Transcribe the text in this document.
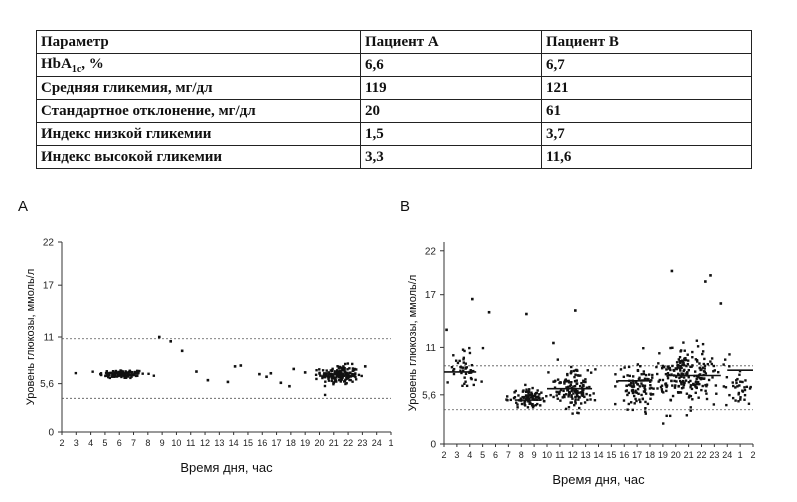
Параметр	Пациент А	Пациент В
HbA$_{1c}$, %	6,6	6,7
Средняя гликемия, мг/дл	119	121
Стандартное отклонение, мг/дл	20	61
Индекс низкой гликемии	1,5	3,7
Индекс высокой гликемии	3,3	11,6
A	B
0
5,6
11
17
22
2 3 4 5 6 7 8 9 10 11 12 13 14 15 16 17 18 19 20 21 22 23 24 1
Время дня, час
Уровень глюкозы, ммоль/л
0
5,6
11
17
22
2 3 4 5 6 7 8 9 10 11 12 13 14 15 16 17 18 19 20 21 22 23 24 1 2
Время дня, час
Уровень глюкозы, ммоль/л
